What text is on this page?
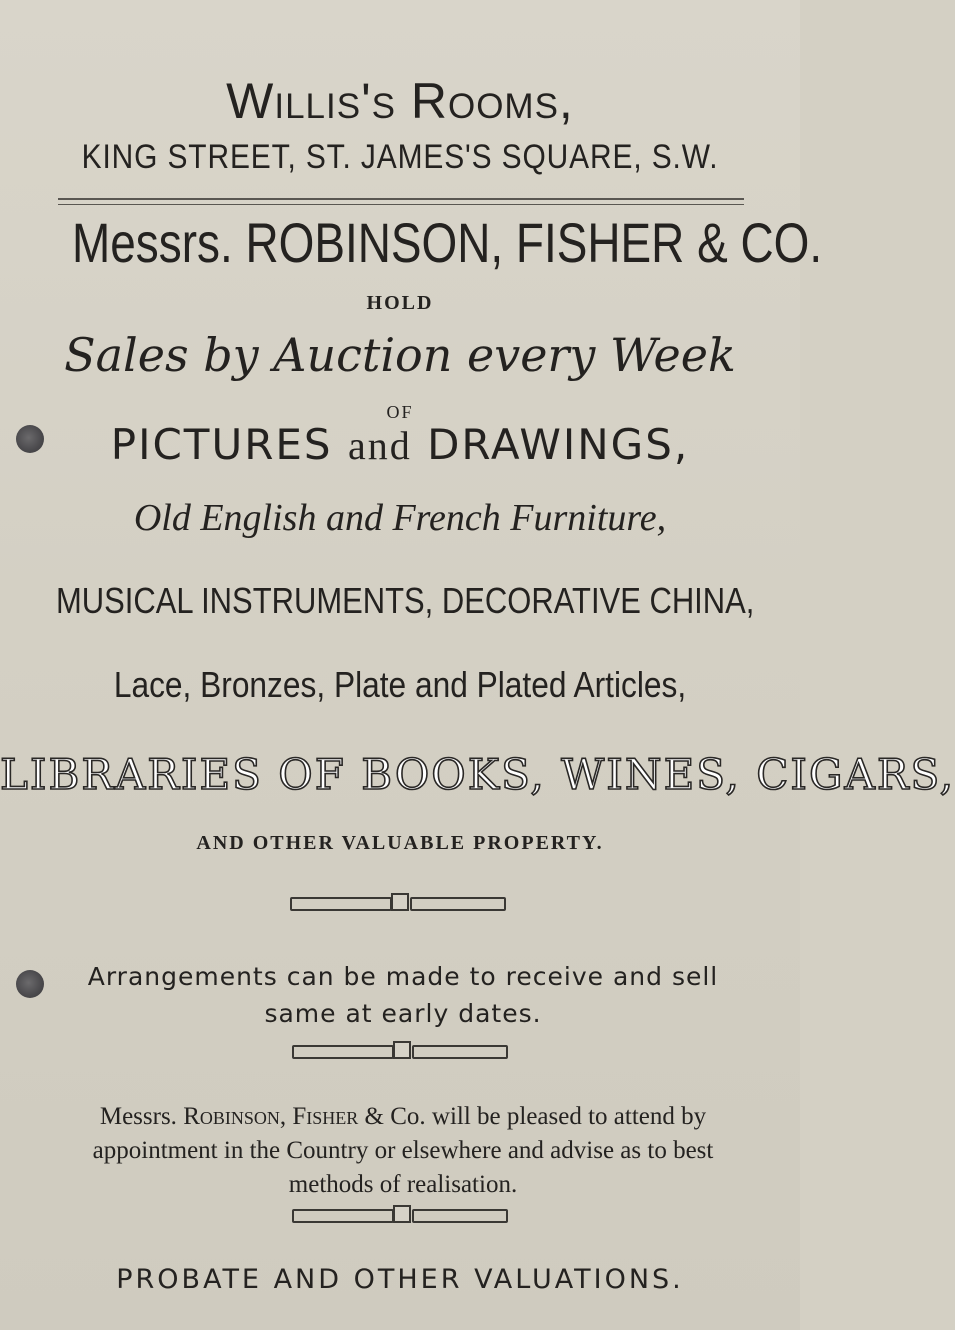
Willis's Rooms,
KING STREET, ST. JAMES'S SQUARE, S.W.
Messrs. ROBINSON, FISHER & CO.
HOLD
Sales by Auction every Week
OF
PICTURES and DRAWINGS,
Old English and French Furniture,
MUSICAL INSTRUMENTS, DECORATIVE CHINA,
Lace, Bronzes, Plate and Plated Articles,
LIBRARIES OF BOOKS, WINES, CIGARS,
AND OTHER VALUABLE PROPERTY.
Arrangements can be made to receive and sell same at early dates.
Messrs. Robinson, Fisher & Co. will be pleased to attend by appointment in the Country or elsewhere and advise as to best methods of realisation.
PROBATE AND OTHER VALUATIONS.
